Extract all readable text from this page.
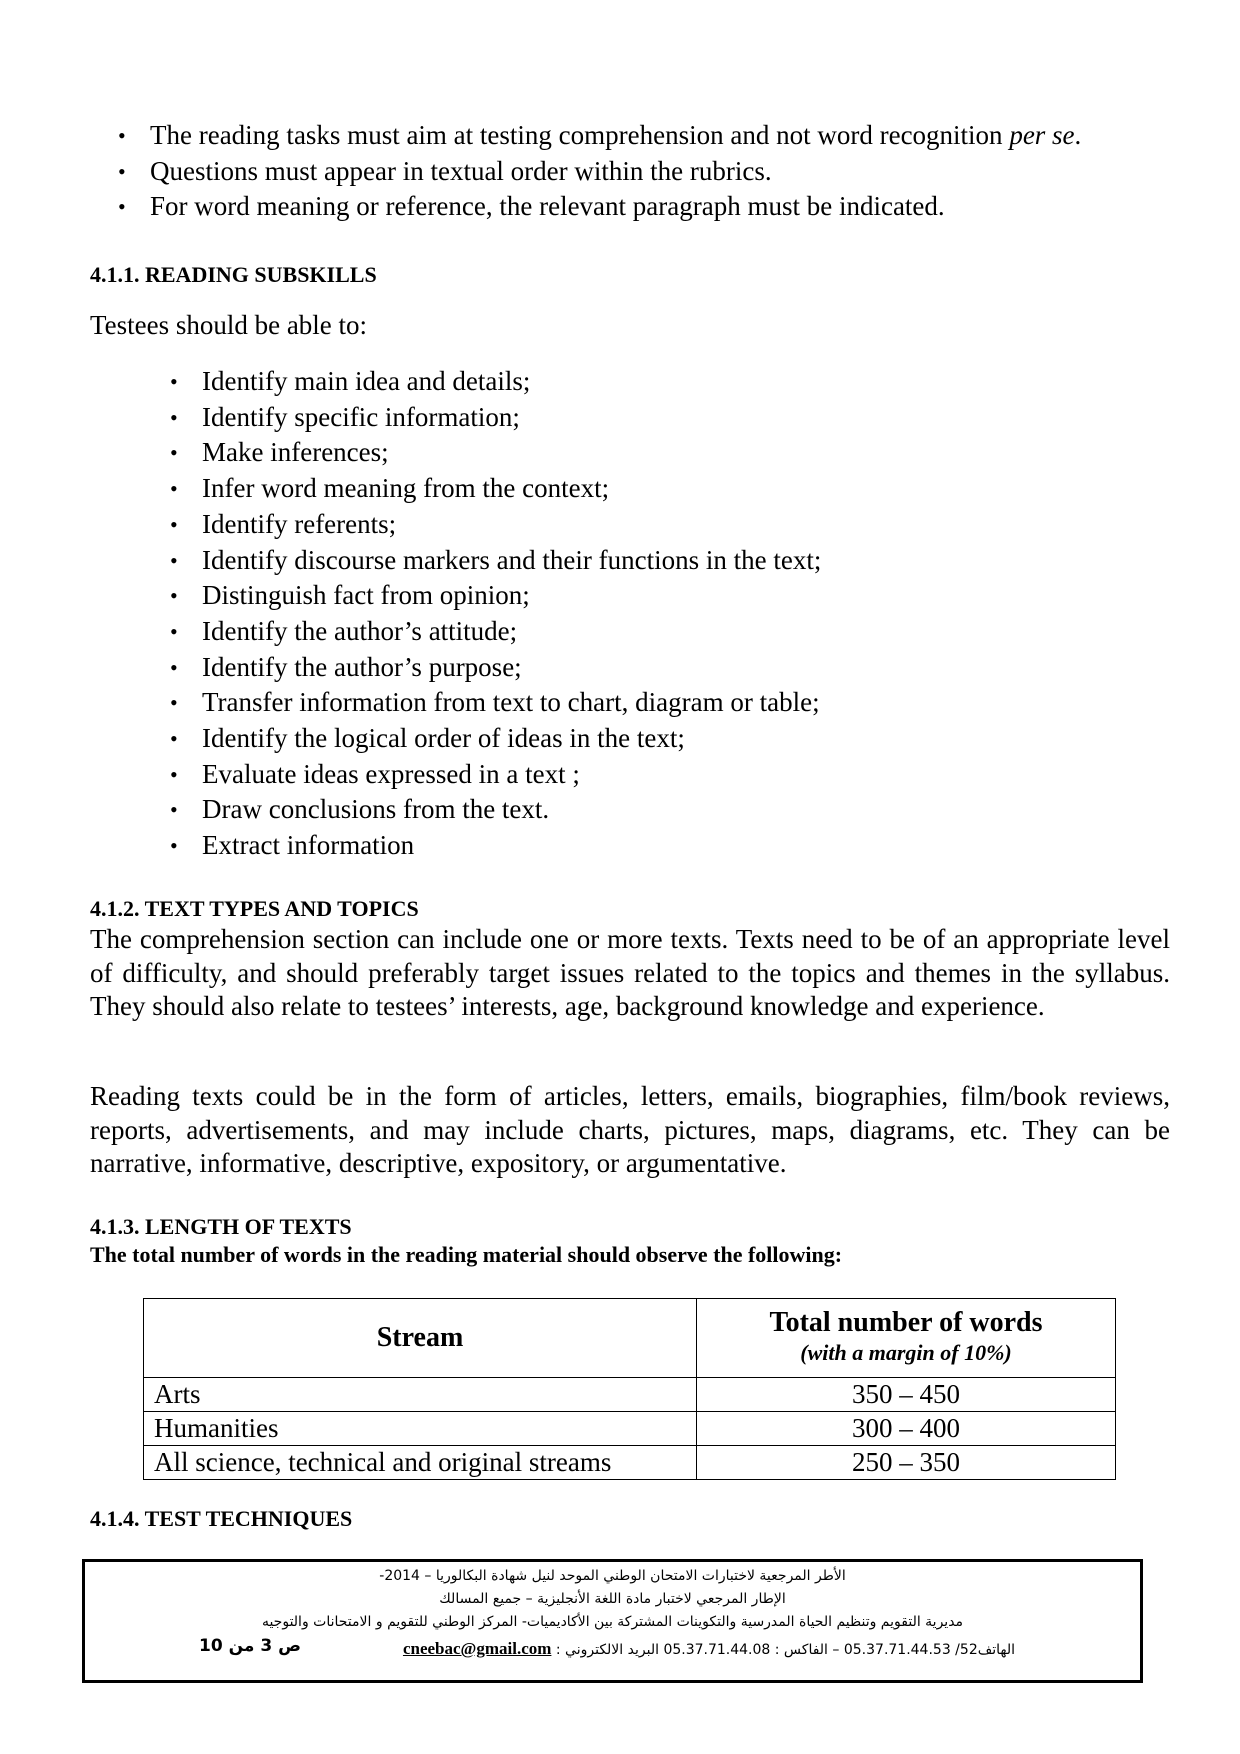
• The reading tasks must aim at testing comprehension and not word recognition per se.
• Questions must appear in textual order within the rubrics.
• For word meaning or reference, the relevant paragraph must be indicated.
4.1.1. READING SUBSKILLS
Testees should be able to:
• Identify main idea and details;
• Identify specific information;
• Make inferences;
• Infer word meaning from the context;
• Identify referents;
• Identify discourse markers and their functions in the text;
• Distinguish fact from opinion;
• Identify the author’s attitude;
• Identify the author’s purpose;
• Transfer information from text to chart, diagram or table;
• Identify the logical order of ideas in the text;
• Evaluate ideas expressed in a text ;
• Draw conclusions from the text.
• Extract information
4.1.2. TEXT TYPES AND TOPICS

The comprehension section can include one or more texts. Texts need to be of an appropriate level of difficulty, and should preferably target issues related to the topics and themes in the syllabus. They should also relate to testees’ interests, age, background knowledge and experience.

Reading texts could be in the form of articles, letters, emails, biographies, film/book reviews, reports, advertisements, and may include charts, pictures, maps, diagrams, etc. They can be narrative, informative, descriptive, expository, or argumentative.

4.1.3. LENGTH OF TEXTS
The total number of words in the reading material should observe the following:
Stream	Total number of words
(with a margin of 10%)

Arts	350 – 450
Humanities	300 – 400
All science, technical and original streams	250 – 350
4.1.4. TEST TECHNIQUES
الأطر المرجعية لاختبارات الامتحان الوطني الموحد لنيل شهادة البكالوريا – 2014-
الإطار المرجعي لاختبار مادة اللغة الأنجليزية – جميع المسالك
مديرية التقويم وتنظيم الحياة المدرسية والتكوينات المشتركة بين الأكاديميات- المركز الوطني للتقويم و الامتحانات والتوجيه
الهاتف52/ 05.37.71.44.53 – الفاكس : 05.37.71.44.08 البريد الالكتروني : cneebac@gmail.com
ص 3 من 10
